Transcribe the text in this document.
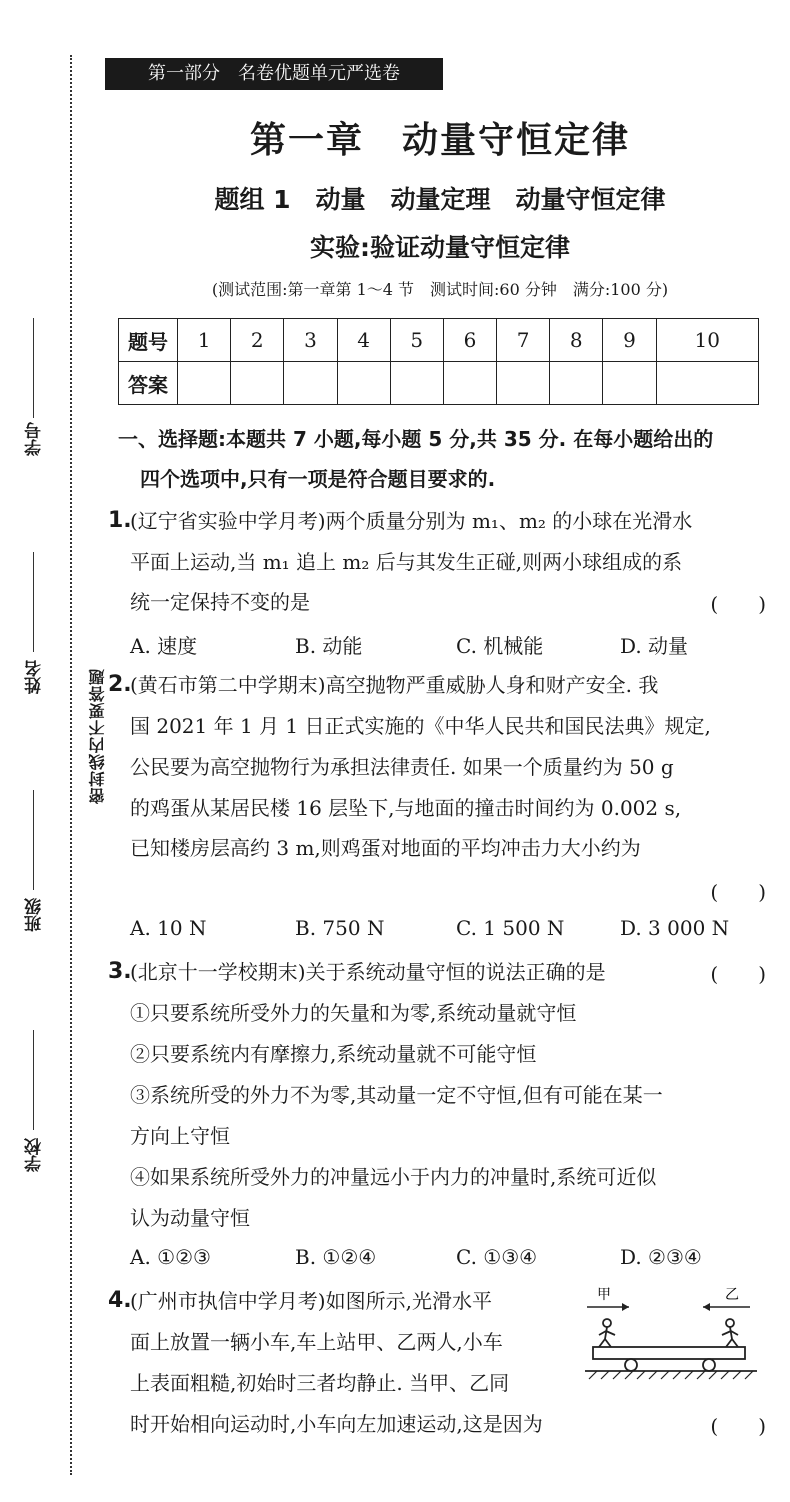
学号
姓名
班级
学校
密封线内不要答题
第一部分　名卷优题单元严选卷
第一章　动量守恒定律
题组 1　动量　动量定理　动量守恒定律
实验:验证动量守恒定律
(测试范围:第一章第 1～4 节　测试时间:60 分钟　满分:100 分)
题号	1	2	3	4	5	6	7	8	9	10
答案										
一、选择题:本题共 7 小题,每小题 5 分,共 35 分. 在每小题给出的
四个选项中,只有一项是符合题目要求的.
1.
(辽宁省实验中学月考)两个质量分别为 m₁、m₂ 的小球在光滑水
平面上运动,当 m₁ 追上 m₂ 后与其发生正碰,则两小球组成的系
统一定保持不变的是	(　　)
A. 速度	B. 动能	C. 机械能	D. 动量
2.
(黄石市第二中学期末)高空抛物严重威胁人身和财产安全. 我
国 2021 年 1 月 1 日正式实施的《中华人民共和国民法典》规定,
公民要为高空抛物行为承担法律责任. 如果一个质量约为 50 g
的鸡蛋从某居民楼 16 层坠下,与地面的撞击时间约为 0.002 s,
已知楼房层高约 3 m,则鸡蛋对地面的平均冲击力大小约为
(　　)
A. 10 N	B. 750 N	C. 1 500 N	D. 3 000 N
3.
(北京十一学校期末)关于系统动量守恒的说法正确的是	(　　)
①只要系统所受外力的矢量和为零,系统动量就守恒
②只要系统内有摩擦力,系统动量就不可能守恒
③系统所受的外力不为零,其动量一定不守恒,但有可能在某一
方向上守恒
④如果系统所受外力的冲量远小于内力的冲量时,系统可近似
认为动量守恒
A. ①②③	B. ①②④	C. ①③④	D. ②③④
4.
(广州市执信中学月考)如图所示,光滑水平
面上放置一辆小车,车上站甲、乙两人,小车
上表面粗糙,初始时三者均静止. 当甲、乙同
时开始相向运动时,小车向左加速运动,这是因为	(　　)
甲	乙
